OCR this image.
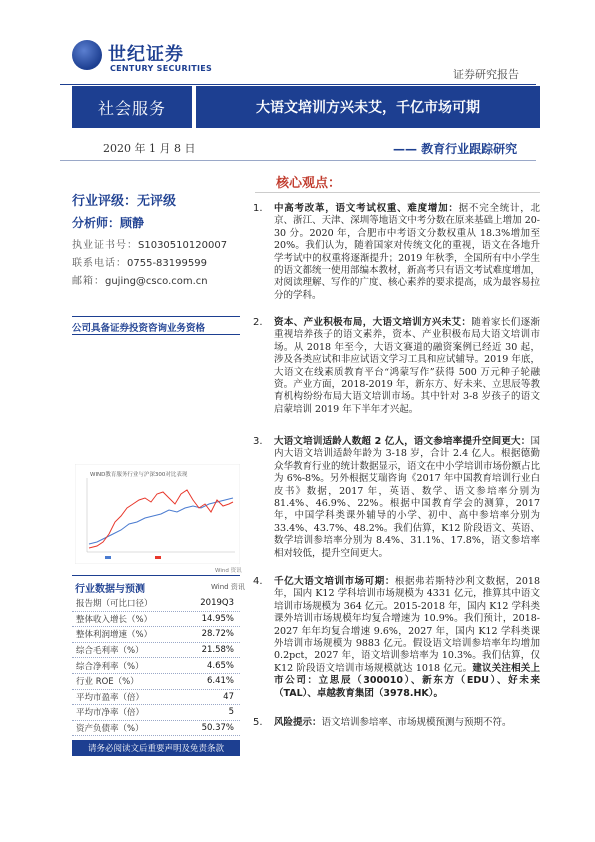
世纪证券
CENTURY SECURITIES	证券研究报告
社会服务	大语文培训方兴未艾，千亿市场可期
2020 年 1 月 8 日	—— 教育行业跟踪研究
行业评级：无评级
分析师：顾静
执业证书号：S1030510120007
联系电话：0755-83199599
邮箱：gujing@csco.com.cn
公司具备证券投资咨询业务资格
WIND教育服务行业与沪深300对比表现
Wind 资讯
行业数据与预测	Wind 资讯
报告期（可比口径）	2019Q3
整体收入增长（%）	14.95%
整体利润增速（%）	28.72%
综合毛利率（%）	21.58%
综合净利率（%）	4.65%
行业 ROE（%）	6.41%
平均市盈率（倍）	47
平均市净率（倍）	5
资产负债率（%）	50.37%
请务必阅读文后重要声明及免责条款
核心观点：
1. 中高考改革，语文考试权重、难度增加：据不完全统计，北京、浙江、天津、深圳等地语文中考分数在原来基础上增加 20-30 分。2020 年，合肥市中考语文分数权重从 18.3%增加至 20%。我们认为，随着国家对传统文化的重视，语文在各地升学考试中的权重将逐渐提升；2019 年秋季，全国所有中小学生的语文都统一使用部编本教材，新高考只有语文考试难度增加，对阅读理解、写作的广度、核心素养的要求提高，成为最容易拉分的学科。
2. 资本、产业积极布局，大语文培训方兴未艾：随着家长们逐渐重视培养孩子的语文素养，资本、产业积极布局大语文培训市场。从 2018 年至今，大语文赛道的融资案例已经近 30 起，涉及各类应试和非应试语文学习工具和应试辅导。2019 年底，大语文在线素质教育平台“鸿蒙写作”获得 500 万元种子轮融资。产业方面，2018-2019 年，新东方、好未来、立思辰等教育机构纷纷布局大语文培训市场。其中针对 3-8 岁孩子的语文启蒙培训 2019 年下半年才兴起。
3. 大语文培训适龄人数超 2 亿人，语文参培率提升空间更大：国内大语文培训适龄年龄为 3-18 岁，合计 2.4 亿人。根据德勤众华教育行业的统计数据显示，语文在中小学培训市场份额占比为 6%-8%。另外根据艾瑞咨询《2017 年中国教育培训行业白皮书》数据，2017 年，英语、数学、语文参培率分别为 81.4%、46.9%、22%。根据中国教育学会的测算，2017 年，中国学科类课外辅导的小学、初中、高中参培率分别为 33.4%、43.7%、48.2%。我们估算，K12 阶段语文、英语、数学培训参培率分别为 8.4%、31.1%、17.8%，语文参培率相对较低，提升空间更大。
4. 千亿大语文培训市场可期：根据弗若斯特沙利文数据，2018 年，国内 K12 学科培训市场规模为 4331 亿元，推算其中语文培训市场规模为 364 亿元。2015-2018 年，国内 K12 学科类课外培训市场规模年均复合增速为 10.9%。我们预计，2018-2027 年年均复合增速 9.6%，2027 年，国内 K12 学科类课外培训市场规模为 9883 亿元。假设语文培训参培率年均增加 0.2pct，2027 年，语文培训参培率为 10.3%。我们估算，仅 K12 阶段语文培训市场规模就达 1018 亿元。建议关注相关上市公司：立思辰（300010）、新东方（EDU）、好未来（TAL）、卓越教育集团（3978.HK）。
5. 风险提示：语文培训参培率、市场规模预测与预期不符。
